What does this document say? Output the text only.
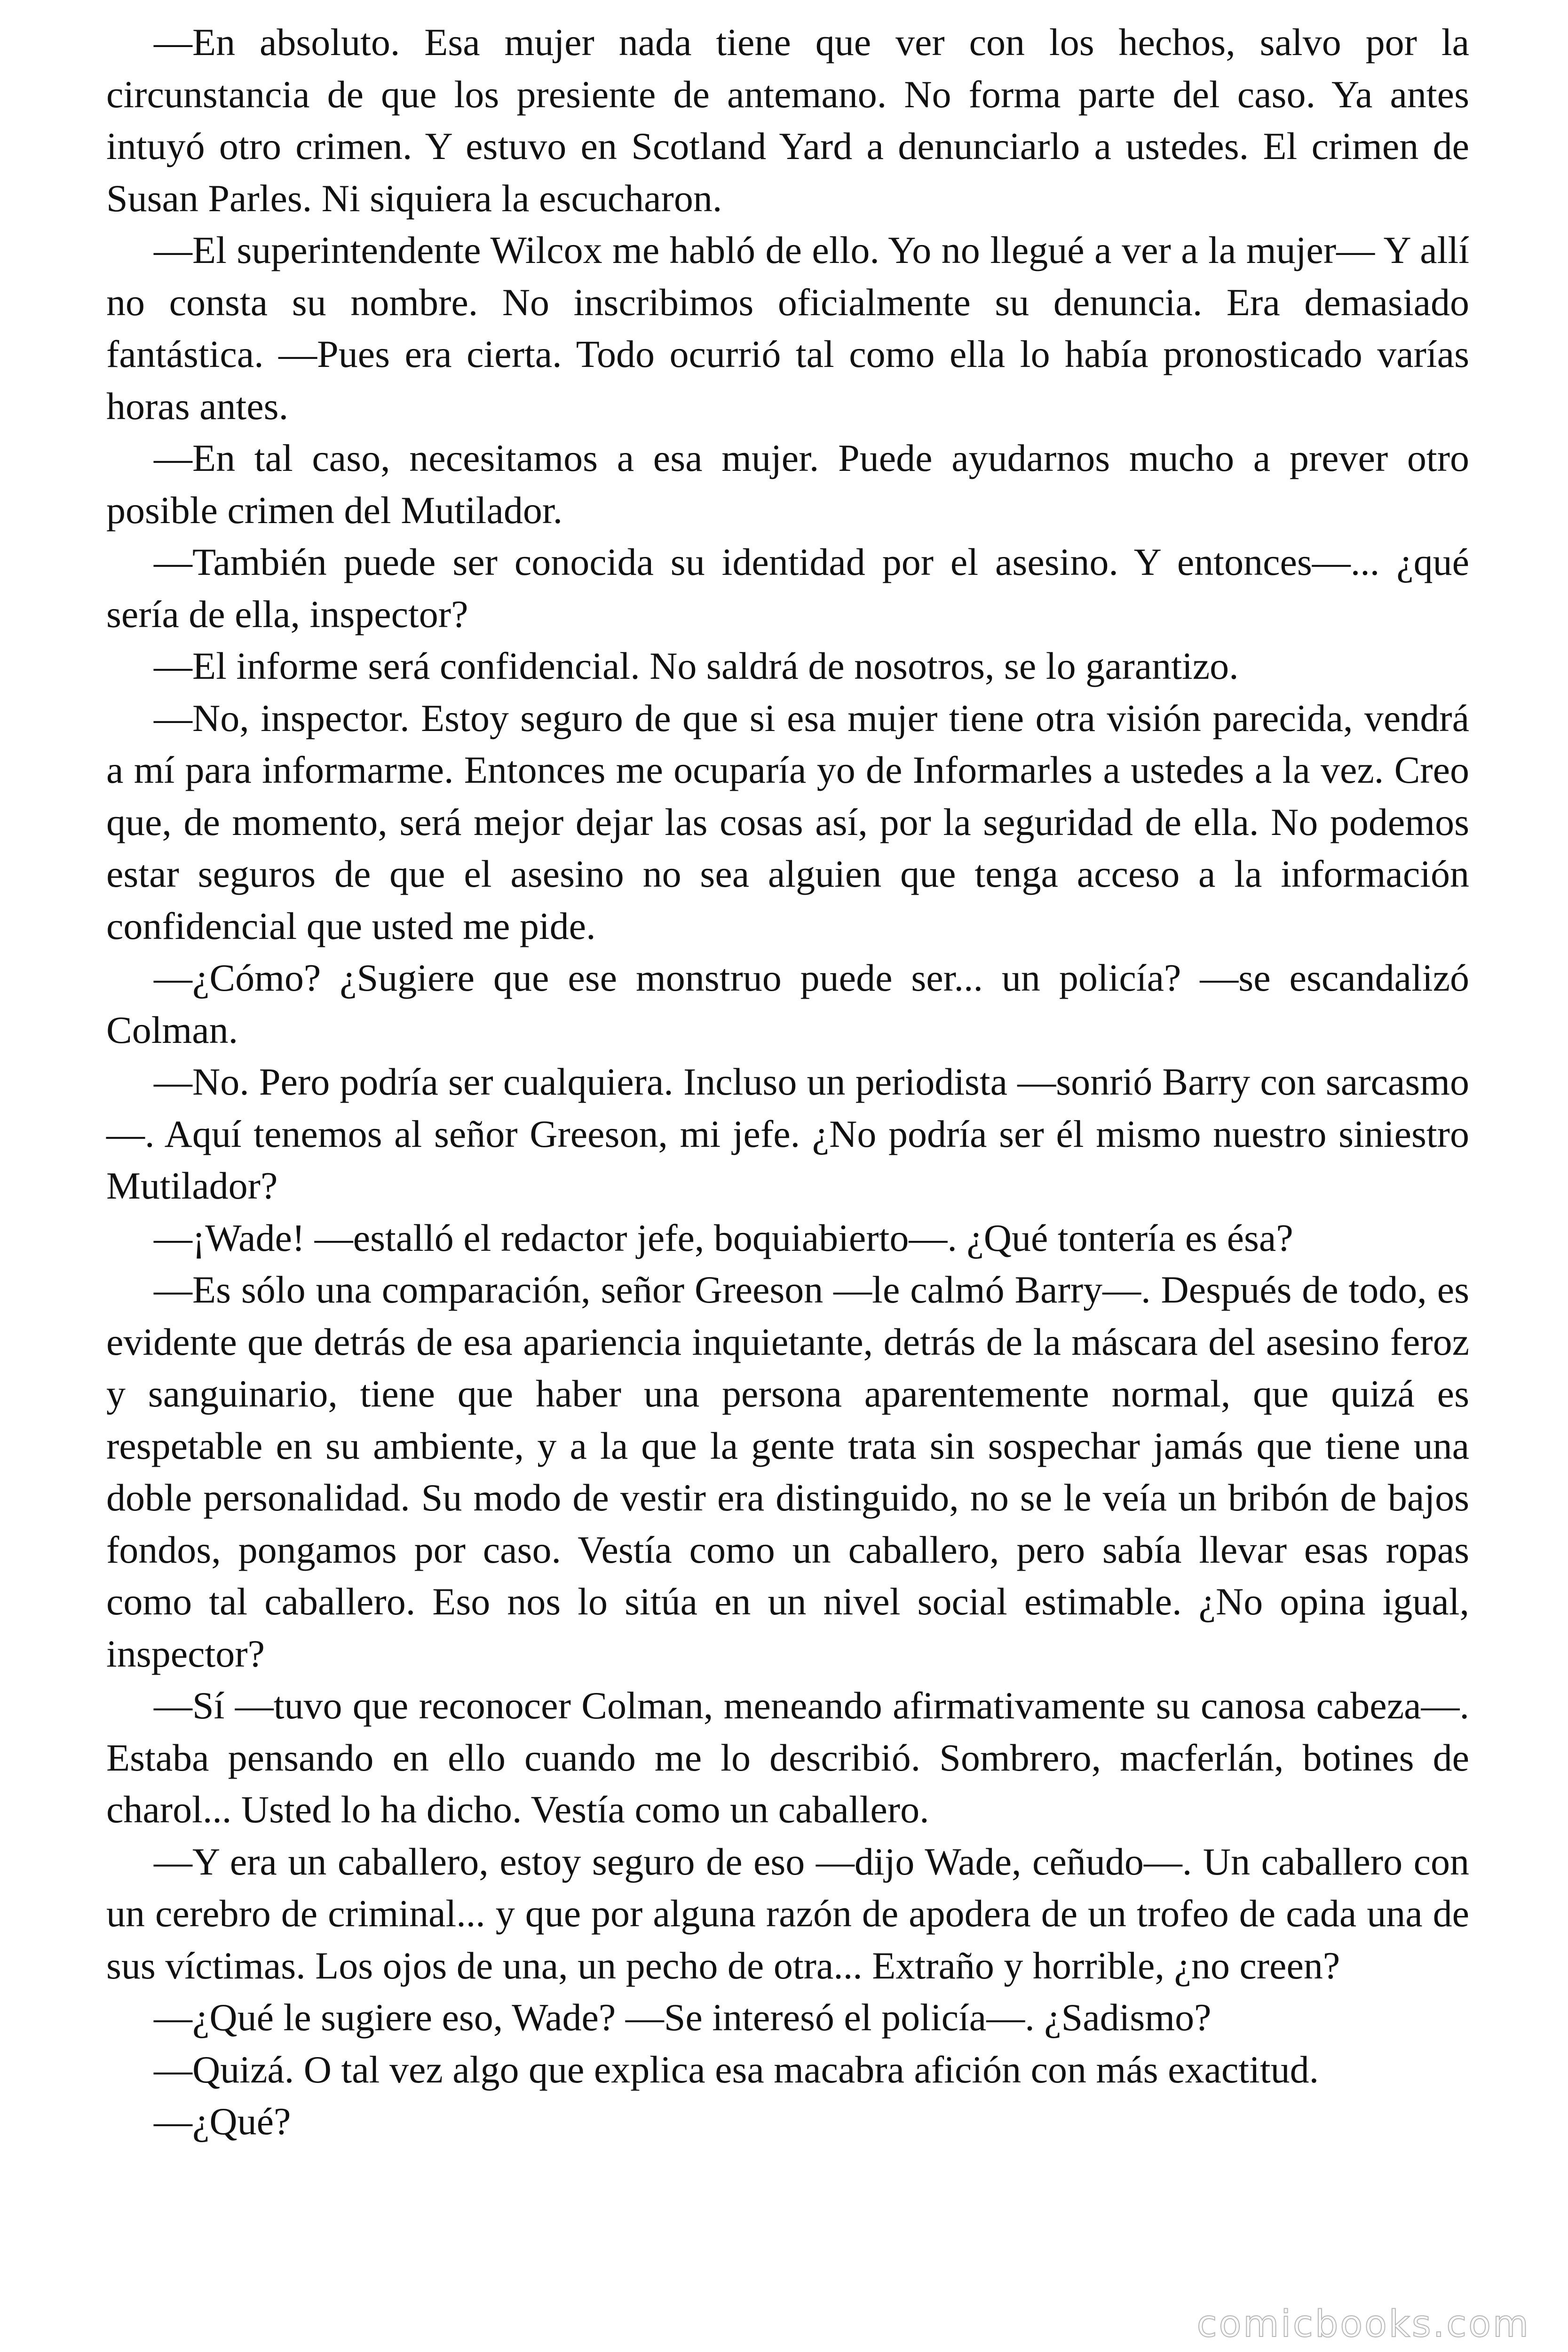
—En absoluto. Esa mujer nada tiene que ver con los hechos, salvo por la circunstancia de que los presiente de antemano. No forma parte del caso. Ya antes intuyó otro crimen. Y estuvo en Scotland Yard a denunciarlo a ustedes. El crimen de Susan Parles. Ni siquiera la escucharon.

—El superintendente Wilcox me habló de ello. Yo no llegué a ver a la mujer— Y allí no consta su nombre. No inscribimos oficialmente su denuncia. Era demasiado fantástica. —Pues era cierta. Todo ocurrió tal como ella lo había pronosticado varías horas antes.

—En tal caso, necesitamos a esa mujer. Puede ayudarnos mucho a prever otro posible crimen del Mutilador.

—También puede ser conocida su identidad por el asesino. Y entonces—... ¿qué sería de ella, inspector?

—El informe será confidencial. No saldrá de nosotros, se lo garantizo.

—No, inspector. Estoy seguro de que si esa mujer tiene otra visión parecida, vendrá a mí para informarme. Entonces me ocuparía yo de Informarles a ustedes a la vez. Creo que, de momento, será mejor dejar las cosas así, por la seguridad de ella. No podemos estar seguros de que el asesino no sea alguien que tenga acceso a la información confidencial que usted me pide.

—¿Cómo? ¿Sugiere que ese monstruo puede ser... un policía? —se escandalizó Colman.

—No. Pero podría ser cualquiera. Incluso un periodista —sonrió Barry con sarcasmo—. Aquí tenemos al señor Greeson, mi jefe. ¿No podría ser él mismo nuestro siniestro Mutilador?

—¡Wade! —estalló el redactor jefe, boquiabierto—. ¿Qué tontería es ésa?

—Es sólo una comparación, señor Greeson —le calmó Barry—. Después de todo, es evidente que detrás de esa apariencia inquietante, detrás de la máscara del asesino feroz y sanguinario, tiene que haber una persona aparentemente normal, que quizá es respetable en su ambiente, y a la que la gente trata sin sospechar jamás que tiene una doble personalidad. Su modo de vestir era distinguido, no se le veía un bribón de bajos fondos, pongamos por caso. Vestía como un caballero, pero sabía llevar esas ropas como tal caballero. Eso nos lo sitúa en un nivel social estimable. ¿No opina igual, inspector?

—Sí —tuvo que reconocer Colman, meneando afirmativamente su canosa cabeza—. Estaba pensando en ello cuando me lo describió. Sombrero, macferlán, botines de charol... Usted lo ha dicho. Vestía como un caballero.

—Y era un caballero, estoy seguro de eso —dijo Wade, ceñudo—. Un caballero con un cerebro de criminal... y que por alguna razón de apodera de un trofeo de cada una de sus víctimas. Los ojos de una, un pecho de otra... Extraño y horrible, ¿no creen?

—¿Qué le sugiere eso, Wade? —Se interesó el policía—. ¿Sadismo?

—Quizá. O tal vez algo que explica esa macabra afición con más exactitud.

—¿Qué?

comicbooks.com
